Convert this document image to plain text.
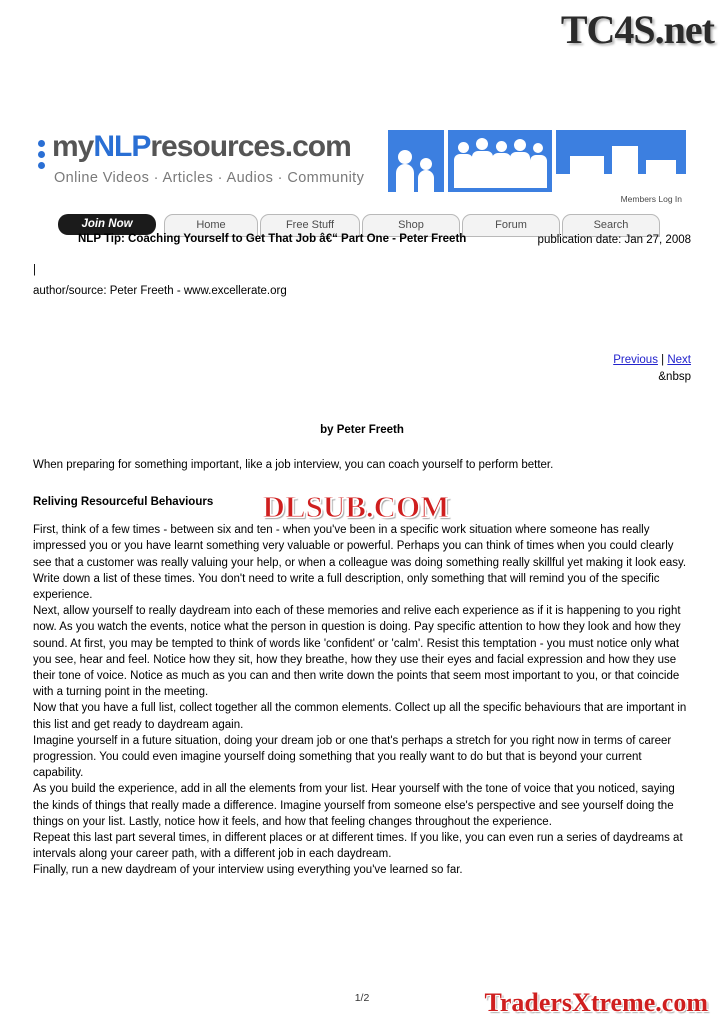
TC4S.net
myNLPresources.com
Online Videos · Articles · Audios · Community
Members Log In
Join Now	Home	Free Stuff	Shop	Forum	Search
NLP Tip: Coaching Yourself to Get That Job â€“ Part One - Peter Freeth	publication date: Jan 27, 2008
|
author/source: Peter Freeth - www.excellerate.org
Previous | Next
&nbsp
by Peter Freeth
When preparing for something important, like a job interview, you can coach yourself to perform better.
Reliving Resourceful Behaviours

First, think of a few times - between six and ten - when you've been in a specific work situation where someone has really impressed you or you have learnt something very valuable or powerful. Perhaps you can think of times when you could clearly see that a customer was really valuing your help, or when a colleague was doing something really skillful yet making it look easy.

Write down a list of these times. You don't need to write a full description, only something that will remind you of the specific experience.

Next, allow yourself to really daydream into each of these memories and relive each experience as if it is happening to you right now. As you watch the events, notice what the person in question is doing. Pay specific attention to how they look and how they sound. At first, you may be tempted to think of words like 'confident' or 'calm'. Resist this temptation - you must notice only what you see, hear and feel. Notice how they sit, how they breathe, how they use their eyes and facial expression and how they use their tone of voice. Notice as much as you can and then write down the points that seem most important to you, or that coincide with a turning point in the meeting.

Now that you have a full list, collect together all the common elements. Collect up all the specific behaviours that are important in this list and get ready to daydream again.

Imagine yourself in a future situation, doing your dream job or one that's perhaps a stretch for you right now in terms of career progression. You could even imagine yourself doing something that you really want to do but that is beyond your current capability.

As you build the experience, add in all the elements from your list. Hear yourself with the tone of voice that you noticed, saying the kinds of things that really made a difference. Imagine yourself from someone else's perspective and see yourself doing the things on your list. Lastly, notice how it feels, and how that feeling changes throughout the experience.

Repeat this last part several times, in different places or at different times. If you like, you can even run a series of daydreams at intervals along your career path, with a different job in each daydream.

Finally, run a new daydream of your interview using everything you've learned so far.

DLSUB.COM
TradersXtreme.com
1/2
